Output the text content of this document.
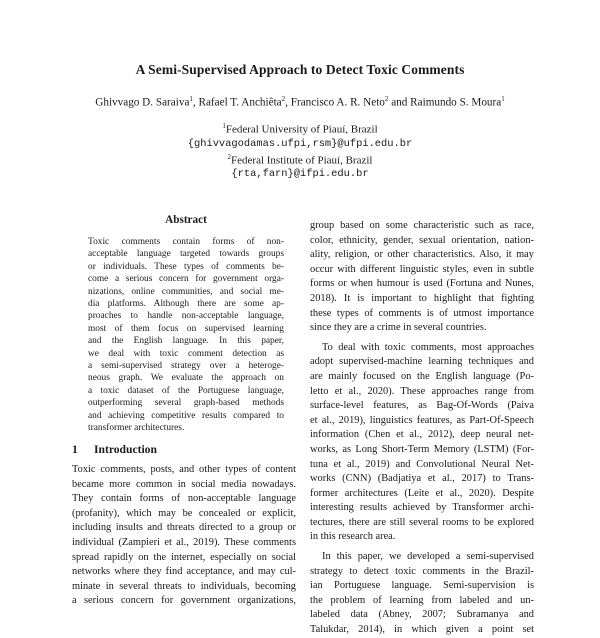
A Semi-Supervised Approach to Detect Toxic Comments
Ghivvago D. Saraiva$^1$, Rafael T. Anchiêta$^2$, Francisco A. R. Neto$^2$ and Raimundo S. Moura$^1$
$^1$Federal University of Piauí, Brazil
{ghivvagodamas.ufpi,rsm}@ufpi.edu.br
$^2$Federal Institute of Piauí, Brazil
{rta,farn}@ifpi.edu.br
Abstract
Toxic comments contain forms of non-
acceptable language targeted towards groups
or individuals. These types of comments be-
come a serious concern for government orga-
nizations, online communities, and social me-
dia platforms. Although there are some ap-
proaches to handle non-acceptable language,
most of them focus on supervised learning
and the English language. In this paper,
we deal with toxic comment detection as
a semi-supervised strategy over a heteroge-
neous graph. We evaluate the approach on
a toxic dataset of the Portuguese language,
outperforming several graph-based methods
and achieving competitive results compared to
transformer architectures.
1 Introduction
Toxic comments, posts, and other types of content
became more common in social media nowadays.
They contain forms of non-acceptable language
(profanity), which may be concealed or explicit,
including insults and threats directed to a group or
individual (Zampieri et al., 2019). These comments
spread rapidly on the internet, especially on social
networks where they find acceptance, and may cul-
minate in several threats to individuals, becoming
a serious concern for government organizations,
group based on some characteristic such as race,
color, ethnicity, gender, sexual orientation, nation-
ality, religion, or other characteristics. Also, it may
occur with different linguistic styles, even in subtle
forms or when humour is used (Fortuna and Nunes,
2018). It is important to highlight that fighting
these types of comments is of utmost importance
since they are a crime in several countries.
To deal with toxic comments, most approaches
adopt supervised-machine learning techniques and
are mainly focused on the English language (Po-
letto et al., 2020). These approaches range from
surface-level features, as Bag-Of-Words (Paiva
et al., 2019), linguistics features, as Part-Of-Speech
information (Chen et al., 2012), deep neural net-
works, as Long Short-Term Memory (LSTM) (For-
tuna et al., 2019) and Convolutional Neural Net-
works (CNN) (Badjatiya et al., 2017) to Trans-
former architectures (Leite et al., 2020). Despite
interesting results achieved by Transformer archi-
tectures, there are still several rooms to be explored
in this research area.
In this paper, we developed a semi-supervised
strategy to detect toxic comments in the Brazil-
ian Portuguese language. Semi-supervision is
the problem of learning from labeled and un-
labeled data (Abney, 2007; Subramanya and
Talukdar, 2014), in which given a point set
